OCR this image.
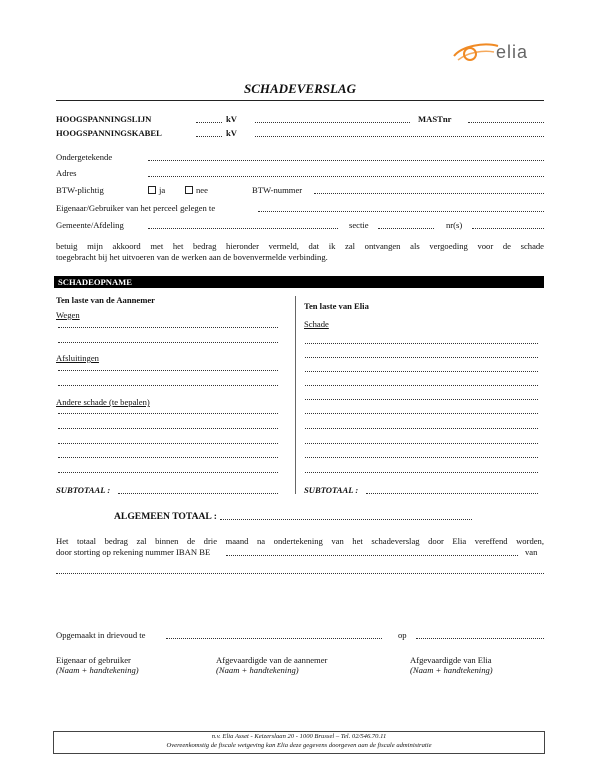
elia
SCHADEVERSLAG
HOOGSPANNINGSLIJN	kV	MASTnr
HOOGSPANNINGSKABEL	kV
Ondergetekende
Adres
BTW-plichtig	ja	nee	BTW-nummer
Eigenaar/Gebruiker van het perceel gelegen te
Gemeente/Afdeling	sectie	nr(s)
betuig mijn akkoord met het bedrag hieronder vermeld, dat ik zal ontvangen als vergoeding voor de schade
toegebracht bij het uitvoeren van de werken aan de bovenvermelde verbinding.
SCHADEOPNAME
Ten laste van de Aannemer
Wegen
Afsluitingen
Andere schade (te bepalen)
SUBTOTAAL :
Ten laste van Elia
Schade
SUBTOTAAL :
ALGEMEEN TOTAAL :
Het totaal bedrag zal binnen de drie maand na ondertekening van het schadeverslag door Elia vereffend worden,
door storting op rekening nummer IBAN BE	van
Opgemaakt in drievoud te	op
Eigenaar of gebruiker
(Naam + handtekening)
Afgevaardigde van de aannemer
(Naam + handtekening)
Afgevaardigde van Elia
(Naam + handtekening)
n.v. Elia Asset - Keizerslaan 20 - 1000 Brussel – Tel. 02/546.70.11
Overeenkomstig de fiscale wetgeving kan Elia deze gegevens doorgeven aan de fiscale administratie
